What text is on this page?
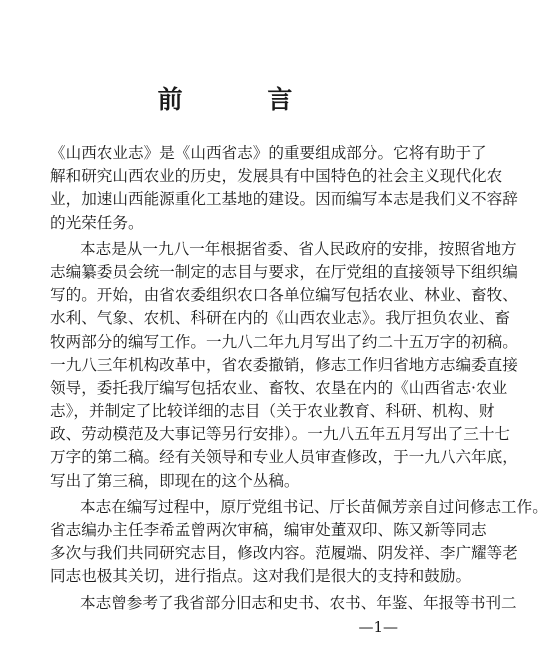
前 言

《山西农业志》是《山西省志》的重要组成部分。它将有助于了

解和研究山西农业的历史，发展具有中国特色的社会主义现代化农

业，加速山西能源重化工基地的建设。因而编写本志是我们义不容辞

的光荣任务。

本志是从一九八一年根据省委、省人民政府的安排，按照省地方

志编纂委员会统一制定的志目与要求，在厅党组的直接领导下组织编

写的。开始，由省农委组织农口各单位编写包括农业、林业、畜牧、

水利、气象、农机、科研在内的《山西农业志》。我厅担负农业、畜

牧两部分的编写工作。一九八二年九月写出了约二十五万字的初稿。

一九八三年机构改革中，省农委撤销，修志工作归省地方志编委直接

领导，委托我厅编写包括农业、畜牧、农垦在内的《山西省志·农业

志》，并制定了比较详细的志目（关于农业教育、科研、机构、财

政、劳动模范及大事记等另行安排）。一九八五年五月写出了三十七

万字的第二稿。经有关领导和专业人员审查修改，于一九八六年底，

写出了第三稿，即现在的这个丛稿。

本志在编写过程中，原厅党组书记、厅长苗佩芳亲自过问修志工作。

省志编办主任李希孟曾两次审稿，编审处董双印、陈又新等同志

多次与我们共同研究志目，修改内容。范履端、阴发祥、李广耀等老

同志也极其关切，进行指点。这对我们是很大的支持和鼓励。

本志曾参考了我省部分旧志和史书、农书、年鉴、年报等书刊二

—1—
